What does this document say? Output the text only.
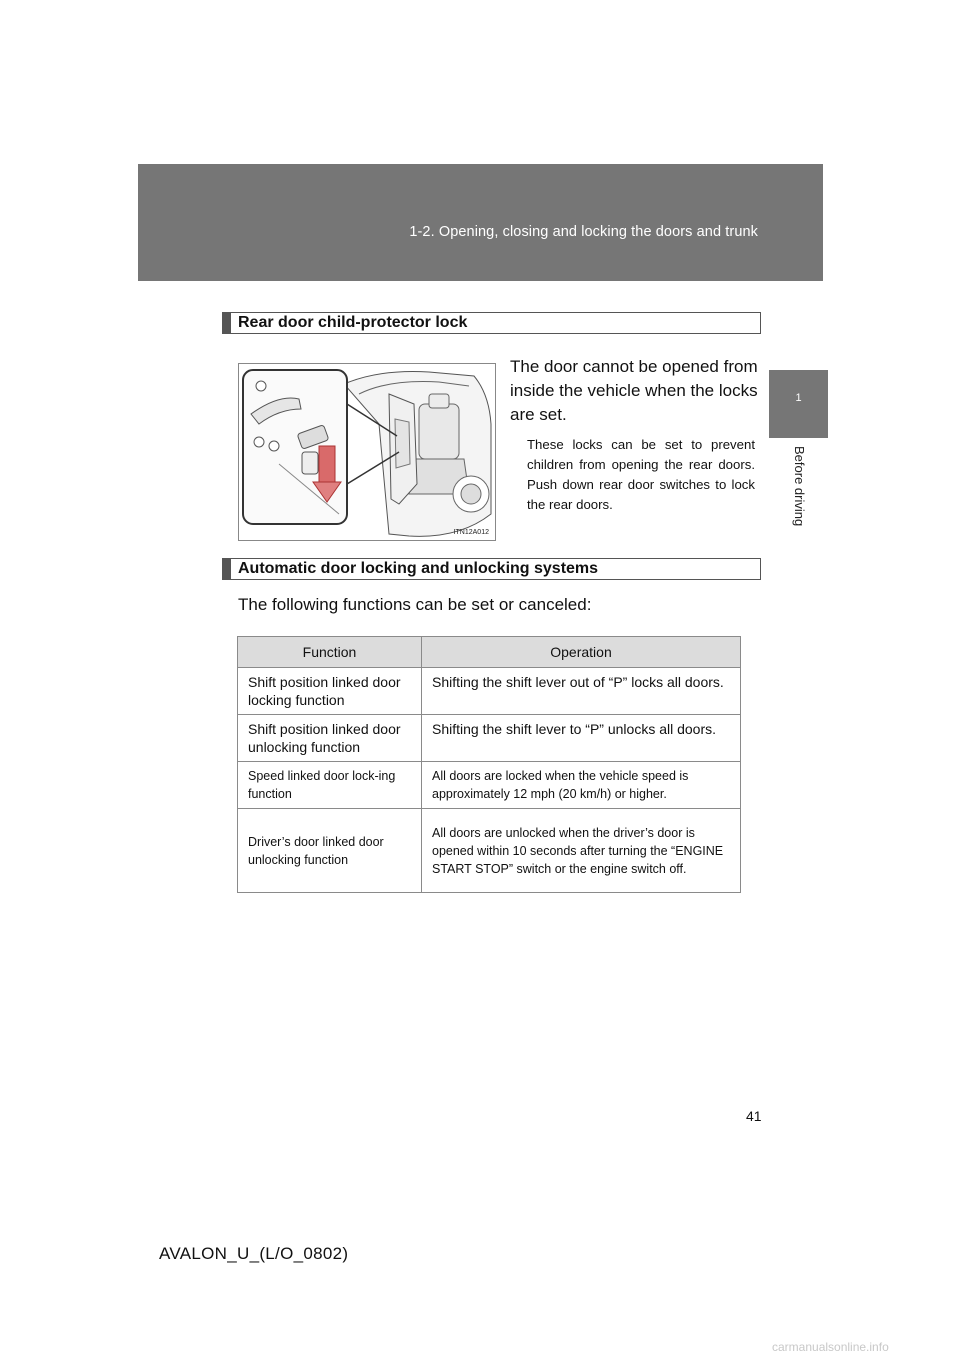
1-2. Opening, closing and locking the doors and trunk
1
Before driving
Rear door child-protector lock
ITN12A012
The door cannot be opened from inside the vehicle when the locks are set.
These locks can be set to prevent children from opening the rear doors. Push down rear door switches to lock the rear doors.
Automatic door locking and unlocking systems
The following functions can be set or canceled:
Function	Operation
Shift position linked door locking function	Shifting the shift lever out of “P” locks all doors.
Shift position linked door unlocking function	Shifting the shift lever to “P” unlocks all doors.
Speed linked door lock-ing function	All doors are locked when the vehicle speed is approximately 12 mph (20 km/h) or higher.
Driver’s door linked door unlocking function	All doors are unlocked when the driver’s door is opened within 10 seconds after turning the “ENGINE START STOP” switch or the engine switch off.
41
AVALON_U_(L/O_0802)
carmanualsonline.info
